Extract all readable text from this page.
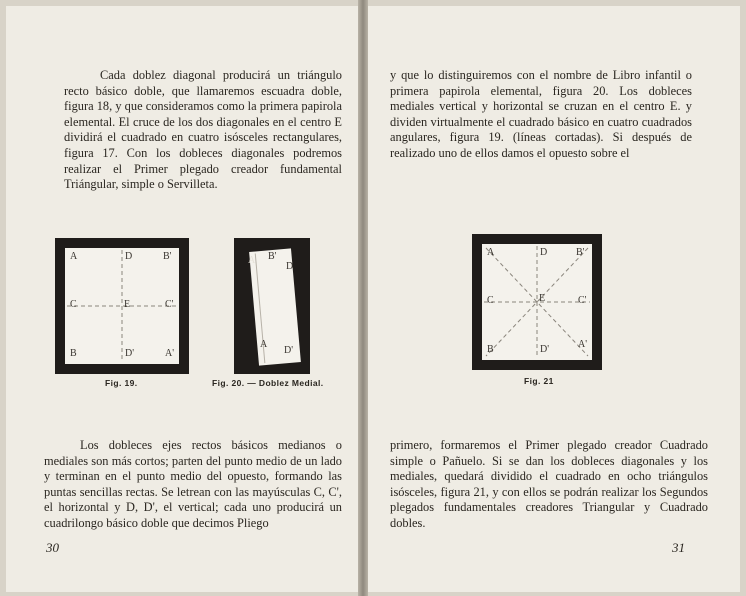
Cada doblez diagonal producirá un triángulo recto básico doble, que llamaremos escuadra doble, figura 18, y que consideramos como la primera papirola elemental. El cruce de los dos diagonales en el centro E dividirá el cuadrado en cuatro isósceles rectangulares, figura 17. Con los dobleces diagonales podremos realizar el Primer plegado creador fundamental Triángular, simple o Servilleta.

A	D	B'
C	E	C'
B	D'	A'
Fig. 19.
A B'
D
A
D'
Fig. 20. — Doblez Medial.

Los dobleces ejes rectos básicos medianos o mediales son más cortos; parten del punto medio de un lado y terminan en el punto medio del opuesto, formando las puntas sencillas rectas. Se letrean con las mayúsculas C, C', el horizontal y D, D', el vertical; cada uno producirá un cuadrilongo básico doble que decimos Pliego

30

y que lo distinguiremos con el nombre de Libro infantil o primera papirola elemental, figura 20. Los dobleces mediales vertical y horizontal se cruzan en el centro E. y dividen virtualmente el cuadrado básico en cuatro cuadrados angulares, figura 19. (líneas cortadas). Si después de realizado uno de ellos damos el opuesto sobre el

A	D	B'
C	E	C'
B	D'	A'
Fig. 21

primero, formaremos el Primer plegado creador Cuadrado simple o Pañuelo. Si se dan los dobleces diagonales y los mediales, quedará dividido el cuadrado en ocho triángulos isósceles, figura 21, y con ellos se podrán realizar los Segundos plegados fundamentales creadores Triangular y Cuadrado dobles.

31
